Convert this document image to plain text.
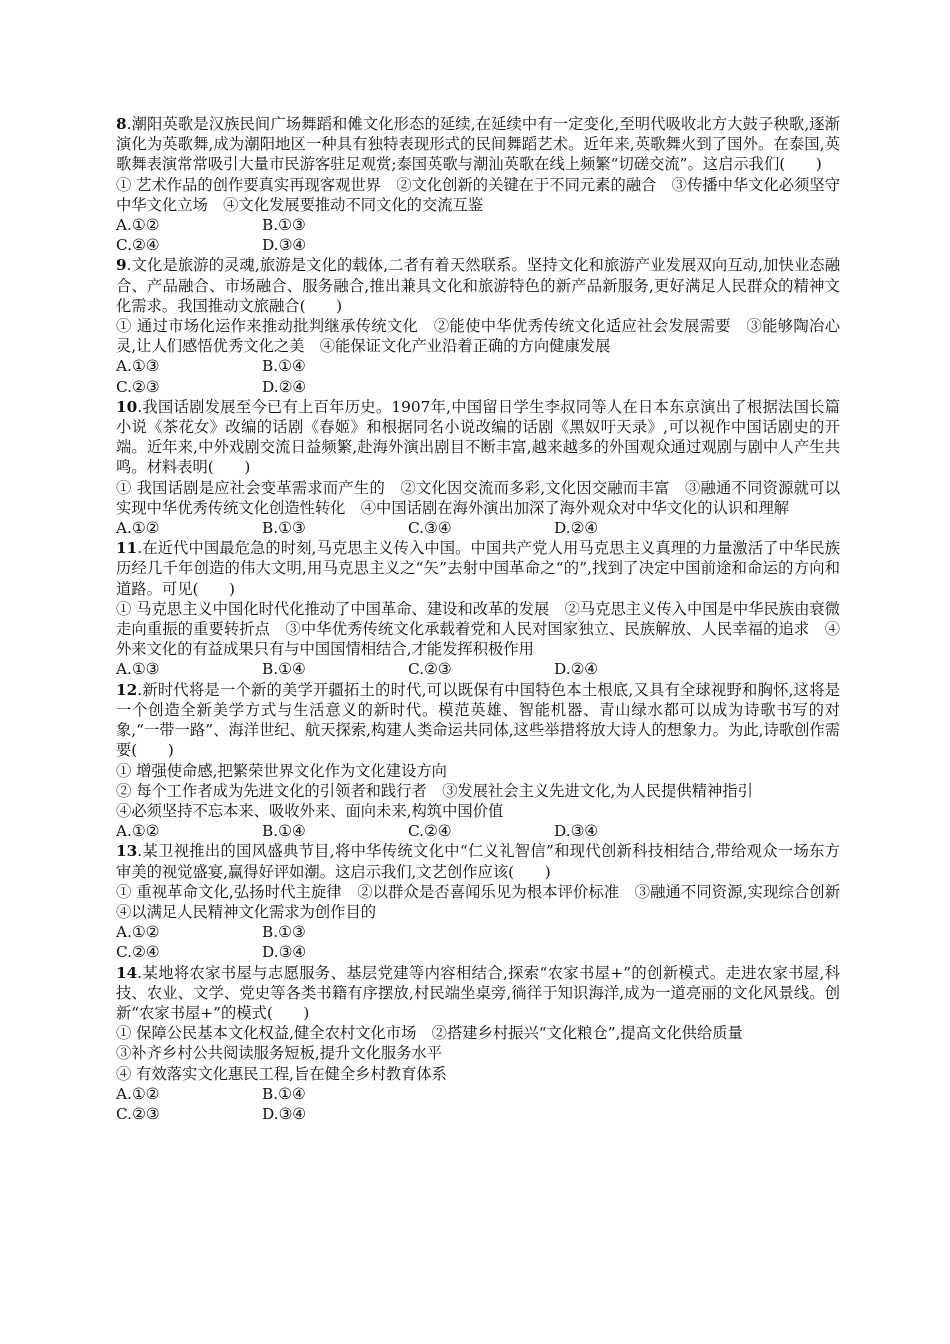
8.潮阳英歌是汉族民间广场舞蹈和傩文化形态的延续,在延续中有一定变化,至明代吸收北方大鼓子秧歌,逐渐演化为英歌舞,成为潮阳地区一种具有独特表现形式的民间舞蹈艺术。近年来,英歌舞火到了国外。在泰国,英歌舞表演常常吸引大量市民游客驻足观赏;泰国英歌与潮汕英歌在线上频繁“切磋交流”。这启示我们(　　)

① 艺术作品的创作要真实再现客观世界　②文化创新的关键在于不同元素的融合　③传播中华文化必须坚守中华文化立场　④文化发展要推动不同文化的交流互鉴

A.①②	B.①③
C.②④	D.③④

9.文化是旅游的灵魂,旅游是文化的载体,二者有着天然联系。坚持文化和旅游产业发展双向互动,加快业态融合、产品融合、市场融合、服务融合,推出兼具文化和旅游特色的新产品新服务,更好满足人民群众的精神文化需求。我国推动文旅融合(　　)

① 通过市场化运作来推动批判继承传统文化　②能使中华优秀传统文化适应社会发展需要　③能够陶冶心灵,让人们感悟优秀文化之美　④能保证文化产业沿着正确的方向健康发展

A.①③	B.①④
C.②③	D.②④

10.我国话剧发展至今已有上百年历史。1907年,中国留日学生李叔同等人在日本东京演出了根据法国长篇小说《茶花女》改编的话剧《春姬》和根据同名小说改编的话剧《黑奴吁天录》,可以视作中国话剧史的开端。近年来,中外戏剧交流日益频繁,赴海外演出剧目不断丰富,越来越多的外国观众通过观剧与剧中人产生共鸣。材料表明(　　)

① 我国话剧是应社会变革需求而产生的　②文化因交流而多彩,文化因交融而丰富　③融通不同资源就可以实现中华优秀传统文化创造性转化　④中国话剧在海外演出加深了海外观众对中华文化的认识和理解

A.①②	B.①③	C.③④	D.②④

11.在近代中国最危急的时刻,马克思主义传入中国。中国共产党人用马克思主义真理的力量激活了中华民族历经几千年创造的伟大文明,用马克思主义之“矢”去射中国革命之“的”,找到了决定中国前途和命运的方向和道路。可见(　　)

① 马克思主义中国化时代化推动了中国革命、建设和改革的发展　②马克思主义传入中国是中华民族由衰微走向重振的重要转折点　③中华优秀传统文化承载着党和人民对国家独立、民族解放、人民幸福的追求　④外来文化的有益成果只有与中国国情相结合,才能发挥积极作用

A.①③	B.①④	C.②③	D.②④

12.新时代将是一个新的美学开疆拓土的时代,可以既保有中国特色本土根底,又具有全球视野和胸怀,这将是一个创造全新美学方式与生活意义的新时代。模范英雄、智能机器、青山绿水都可以成为诗歌书写的对象,“一带一路”、海洋世纪、航天探索,构建人类命运共同体,这些举措将放大诗人的想象力。为此,诗歌创作需要(　　)

① 增强使命感,把繁荣世界文化作为文化建设方向

② 每个工作者成为先进文化的引领者和践行者　③发展社会主义先进文化,为人民提供精神指引

④必须坚持不忘本来、吸收外来、面向未来,构筑中国价值

A.①②	B.①④	C.②④	D.③④

13.某卫视推出的国风盛典节目,将中华传统文化中“仁义礼智信”和现代创新科技相结合,带给观众一场东方审美的视觉盛宴,赢得好评如潮。这启示我们,文艺创作应该(　　)

① 重视革命文化,弘扬时代主旋律　②以群众是否喜闻乐见为根本评价标准　③融通不同资源,实现综合创新　④以满足人民精神文化需求为创作目的

A.①②	B.①③
C.②④	D.③④

14.某地将农家书屋与志愿服务、基层党建等内容相结合,探索“农家书屋+”的创新模式。走进农家书屋,科技、农业、文学、党史等各类书籍有序摆放,村民端坐桌旁,徜徉于知识海洋,成为一道亮丽的文化风景线。创新“农家书屋+”的模式(　　)

① 保障公民基本文化权益,健全农村文化市场　②搭建乡村振兴“文化粮仓”,提高文化供给质量

③补齐乡村公共阅读服务短板,提升文化服务水平

④ 有效落实文化惠民工程,旨在健全乡村教育体系

A.①②	B.①④
C.②③	D.③④
